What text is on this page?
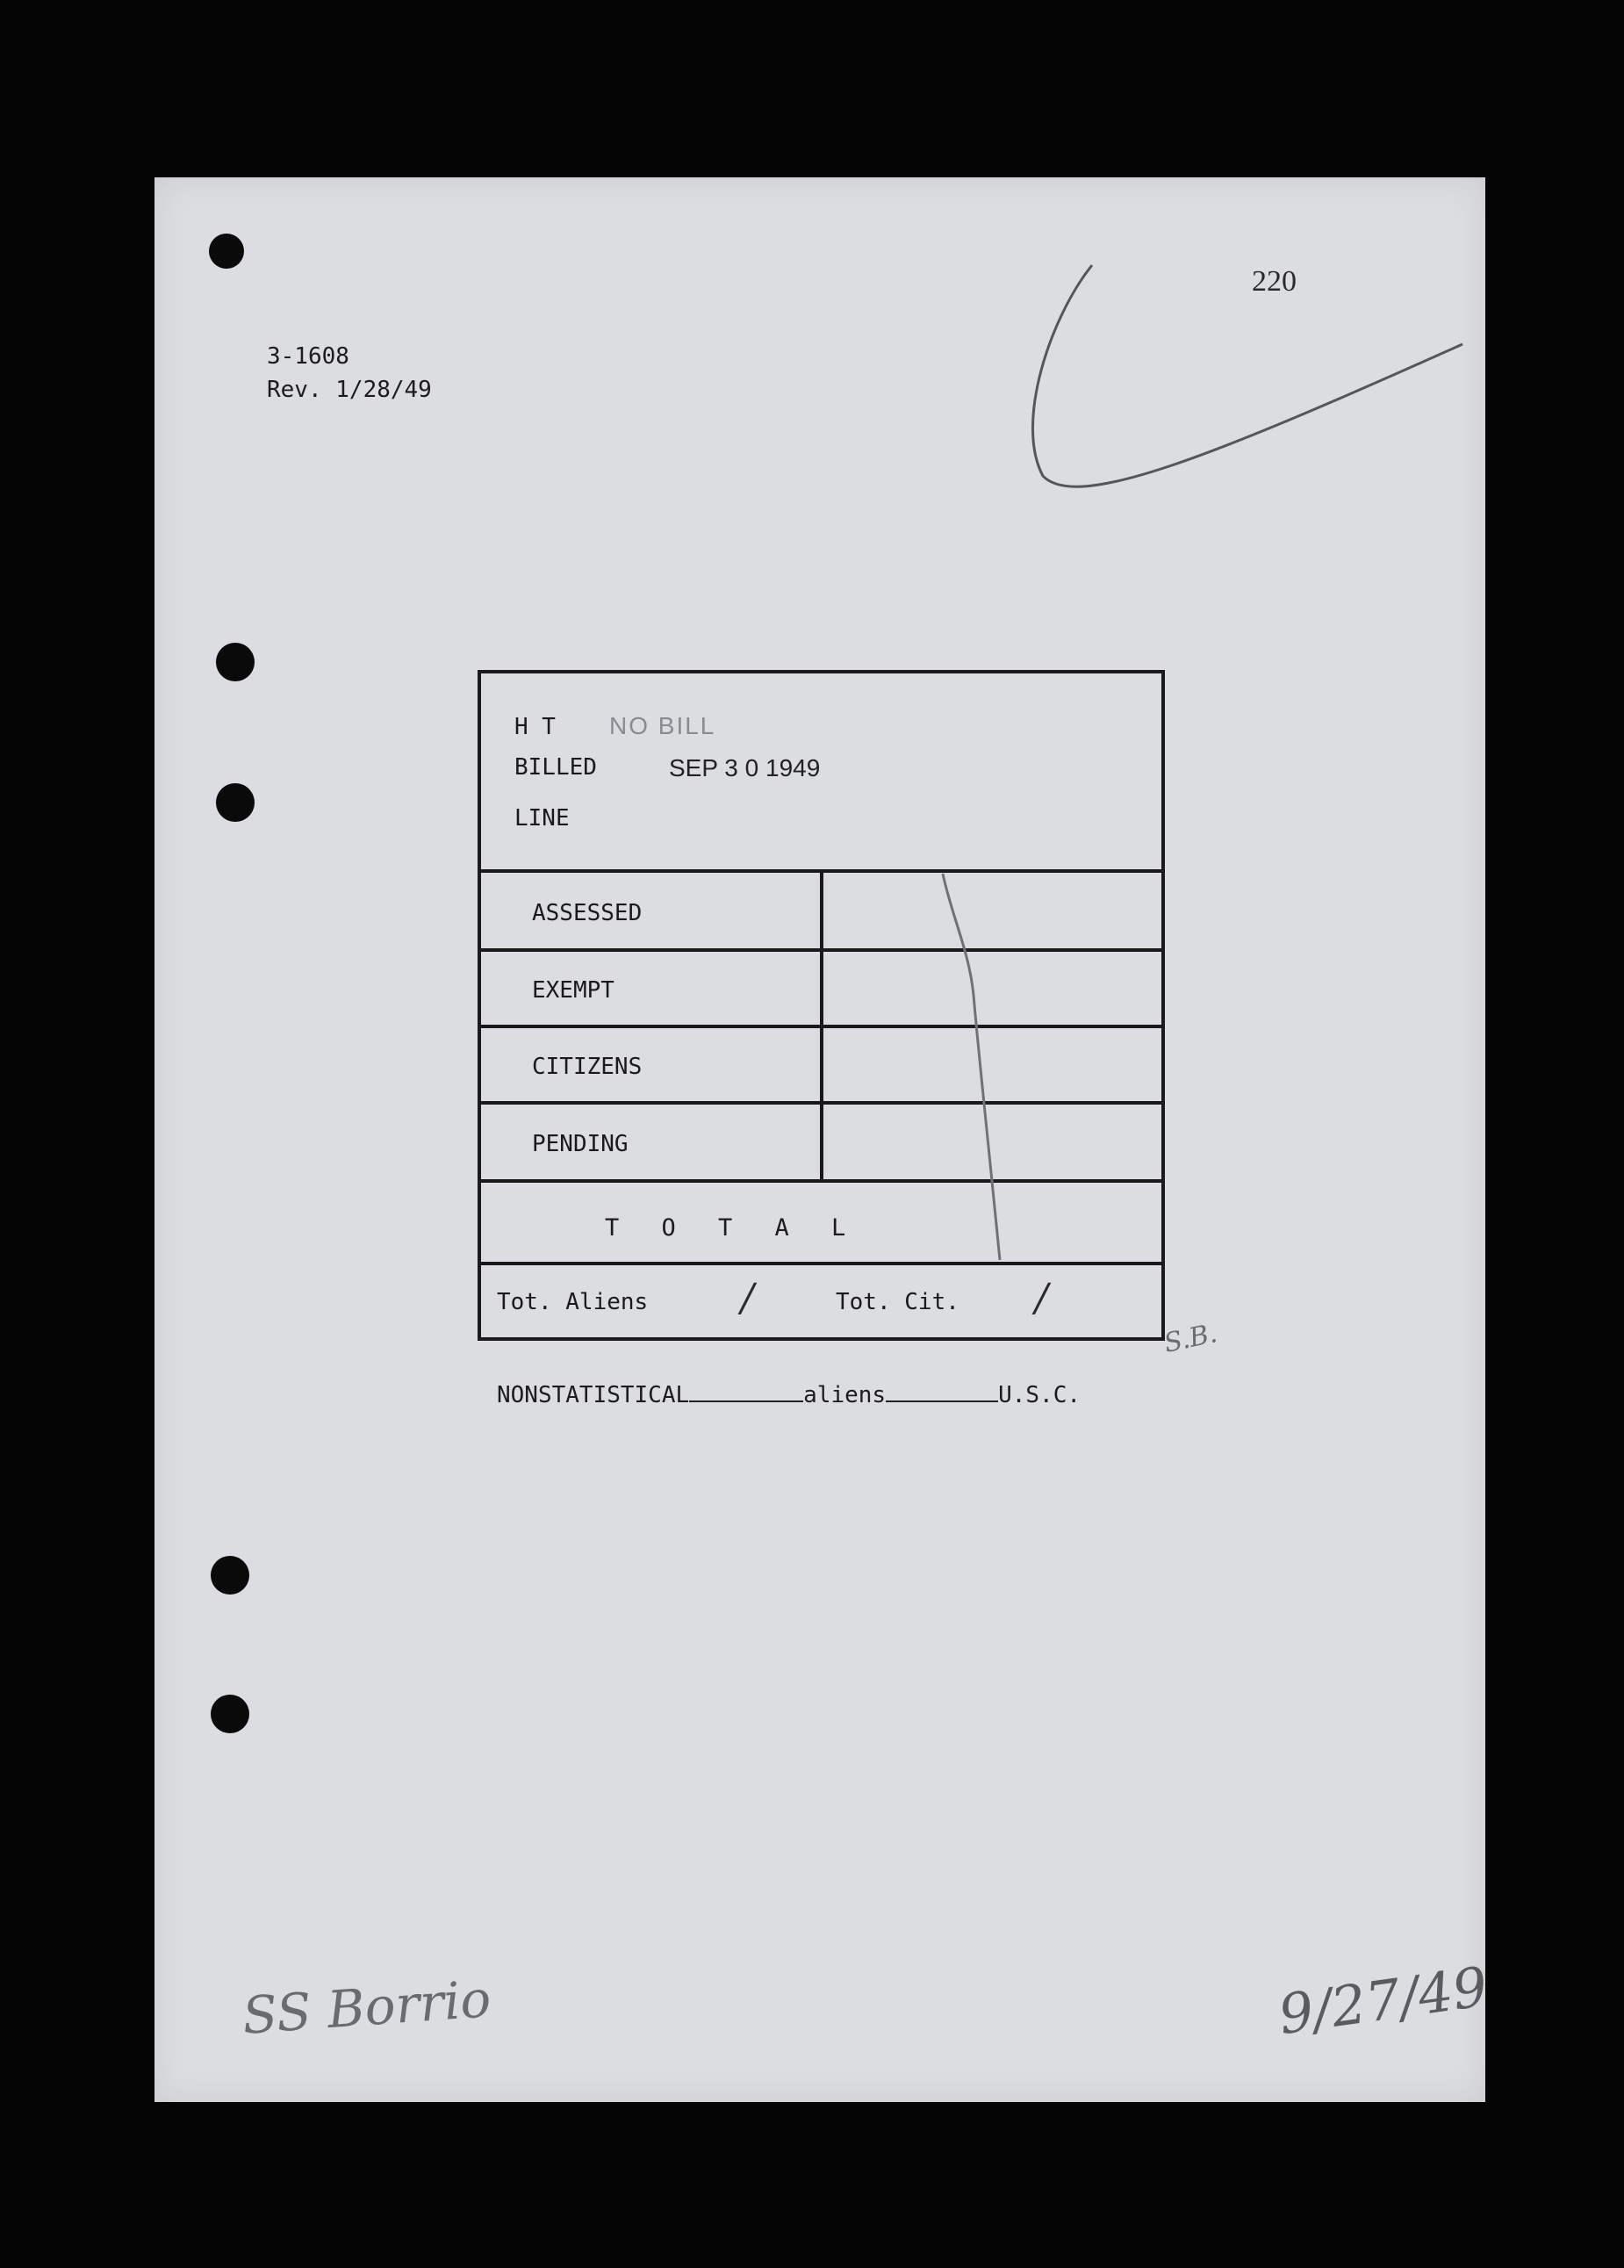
220
3-1608
Rev. 1/28/49
H T NO BILL
BILLED	SEP 3 0 1949
LINE
ASSESSED
EXEMPT
CITIZENS
PENDING
T O T A L
Tot. Aliens /	Tot. Cit. /
S.B.
NONSTATISTICAL	aliens	U.S.C.
SS Borrio	9/27/49
